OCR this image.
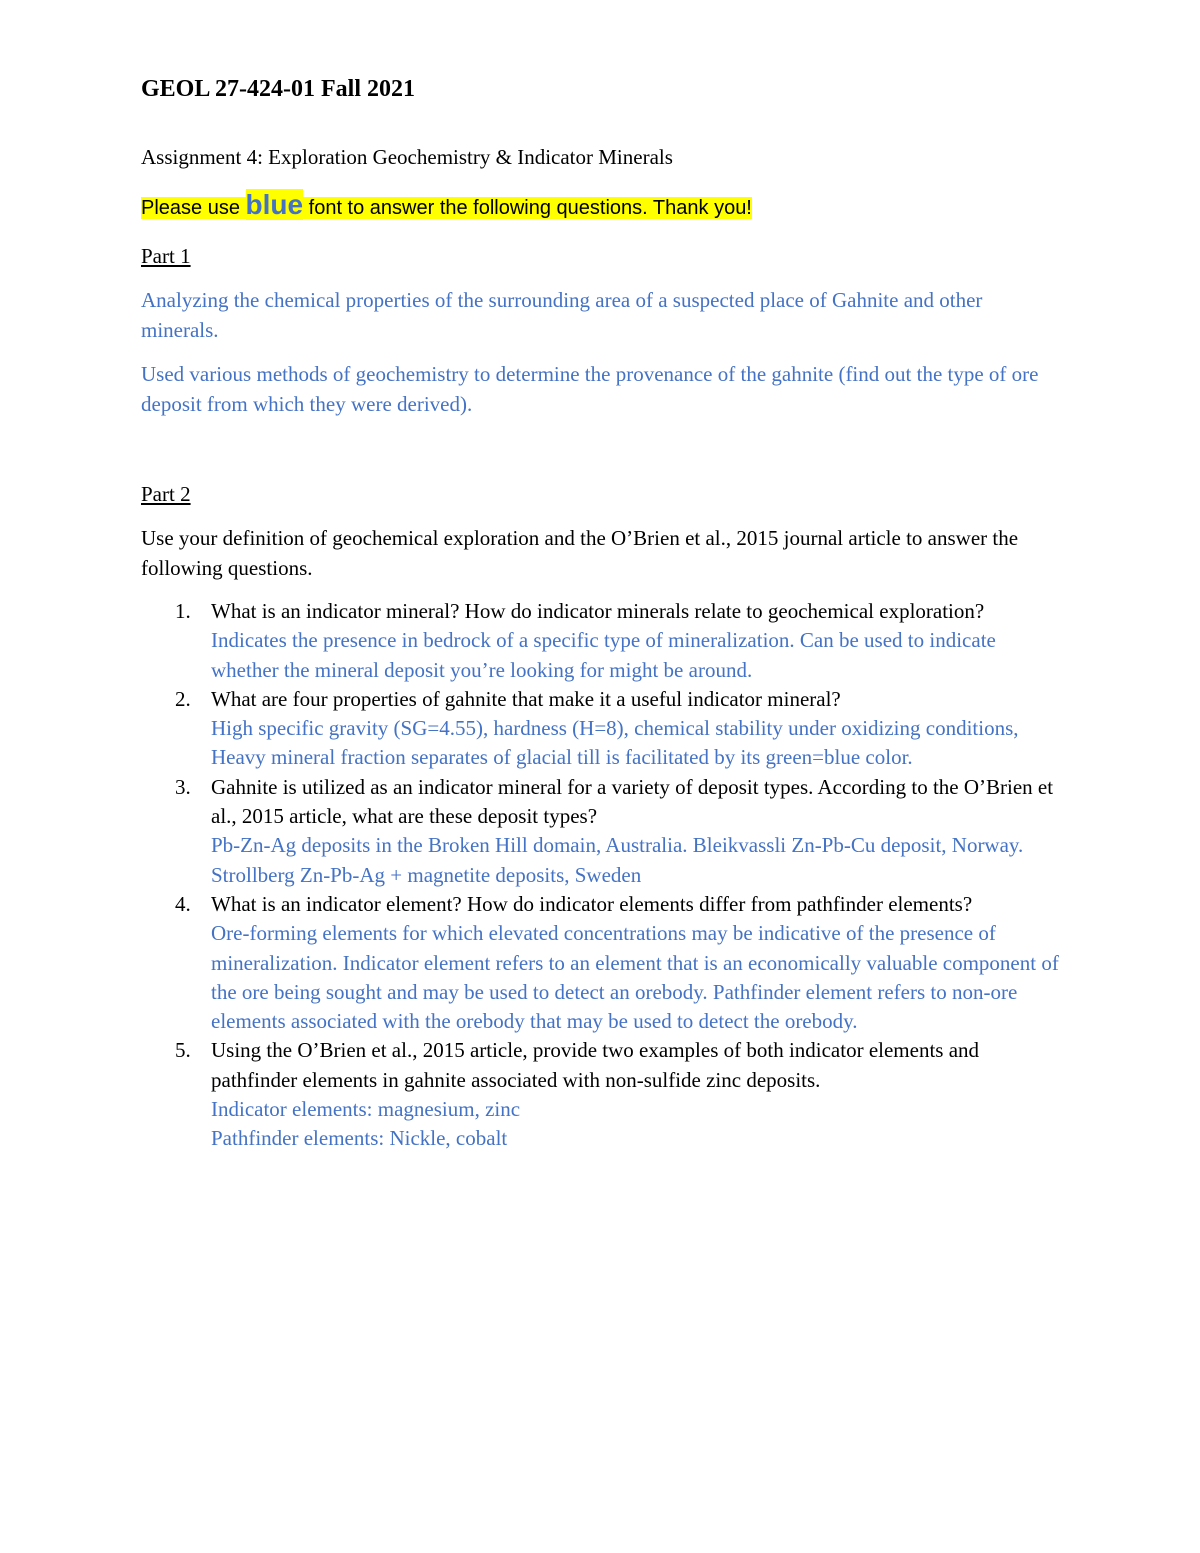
GEOL 27-424-01 Fall 2021
Assignment 4: Exploration Geochemistry & Indicator Minerals
Please use blue font to answer the following questions. Thank you!
Part 1
Analyzing the chemical properties of the surrounding area of a suspected place of Gahnite and other minerals.
Used various methods of geochemistry to determine the provenance of the gahnite (find out the type of ore deposit from which they were derived).
Part 2
Use your definition of geochemical exploration and the O’Brien et al., 2015 journal article to answer the following questions.
1. What is an indicator mineral? How do indicator minerals relate to geochemical exploration?
Indicates the presence in bedrock of a specific type of mineralization. Can be used to indicate whether the mineral deposit you’re looking for might be around.
2. What are four properties of gahnite that make it a useful indicator mineral?
High specific gravity (SG=4.55), hardness (H=8), chemical stability under oxidizing conditions, Heavy mineral fraction separates of glacial till is facilitated by its green=blue color.
3. Gahnite is utilized as an indicator mineral for a variety of deposit types. According to the O’Brien et al., 2015 article, what are these deposit types?
Pb-Zn-Ag deposits in the Broken Hill domain, Australia. Bleikvassli Zn-Pb-Cu deposit, Norway. Strollberg Zn-Pb-Ag + magnetite deposits, Sweden
4. What is an indicator element? How do indicator elements differ from pathfinder elements?
Ore-forming elements for which elevated concentrations may be indicative of the presence of mineralization. Indicator element refers to an element that is an economically valuable component of the ore being sought and may be used to detect an orebody. Pathfinder element refers to non-ore elements associated with the orebody that may be used to detect the orebody.
5. Using the O’Brien et al., 2015 article, provide two examples of both indicator elements and pathfinder elements in gahnite associated with non-sulfide zinc deposits.
Indicator elements: magnesium, zinc
Pathfinder elements: Nickle, cobalt
